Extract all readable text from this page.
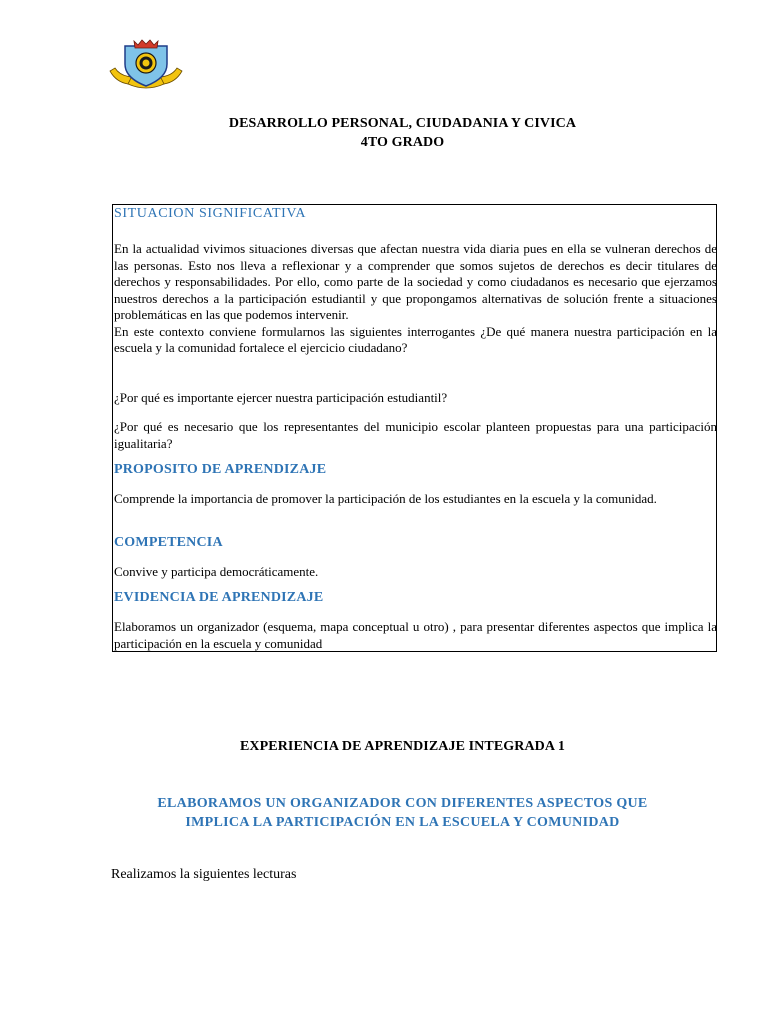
DESARROLLO PERSONAL, CIUDADANIA Y CIVICA
4TO GRADO
SITUACION SIGNIFICATIVA

En la actualidad vivimos situaciones diversas que afectan nuestra vida diaria pues en ella se vulneran derechos de las personas. Esto nos lleva a reflexionar y a comprender que somos sujetos de derechos es decir titulares de derechos y responsabilidades. Por ello, como parte de la sociedad y como ciudadanos es necesario que ejerzamos nuestros derechos a la participación estudiantil y que propongamos alternativas de solución frente a situaciones problemáticas en las que podemos intervenir.

En este contexto conviene formularnos las siguientes interrogantes ¿De qué manera nuestra participación en la escuela y la comunidad fortalece el ejercicio ciudadano?

¿Por qué es importante ejercer nuestra participación estudiantil?
¿Por qué es necesario que los representantes del municipio escolar planteen propuestas para una participación igualitaria?
PROPOSITO DE APRENDIZAJE
Comprende la importancia de promover la participación de los estudiantes en la escuela y la comunidad.
COMPETENCIA
Convive y participa democráticamente.
EVIDENCIA DE APRENDIZAJE
Elaboramos un organizador (esquema, mapa conceptual u otro) , para presentar diferentes aspectos que implica la participación en la escuela y comunidad
EXPERIENCIA DE APRENDIZAJE INTEGRADA 1
ELABORAMOS UN ORGANIZADOR CON DIFERENTES ASPECTOS QUE
IMPLICA LA PARTICIPACIÓN EN LA ESCUELA Y COMUNIDAD
Realizamos la siguientes lecturas
